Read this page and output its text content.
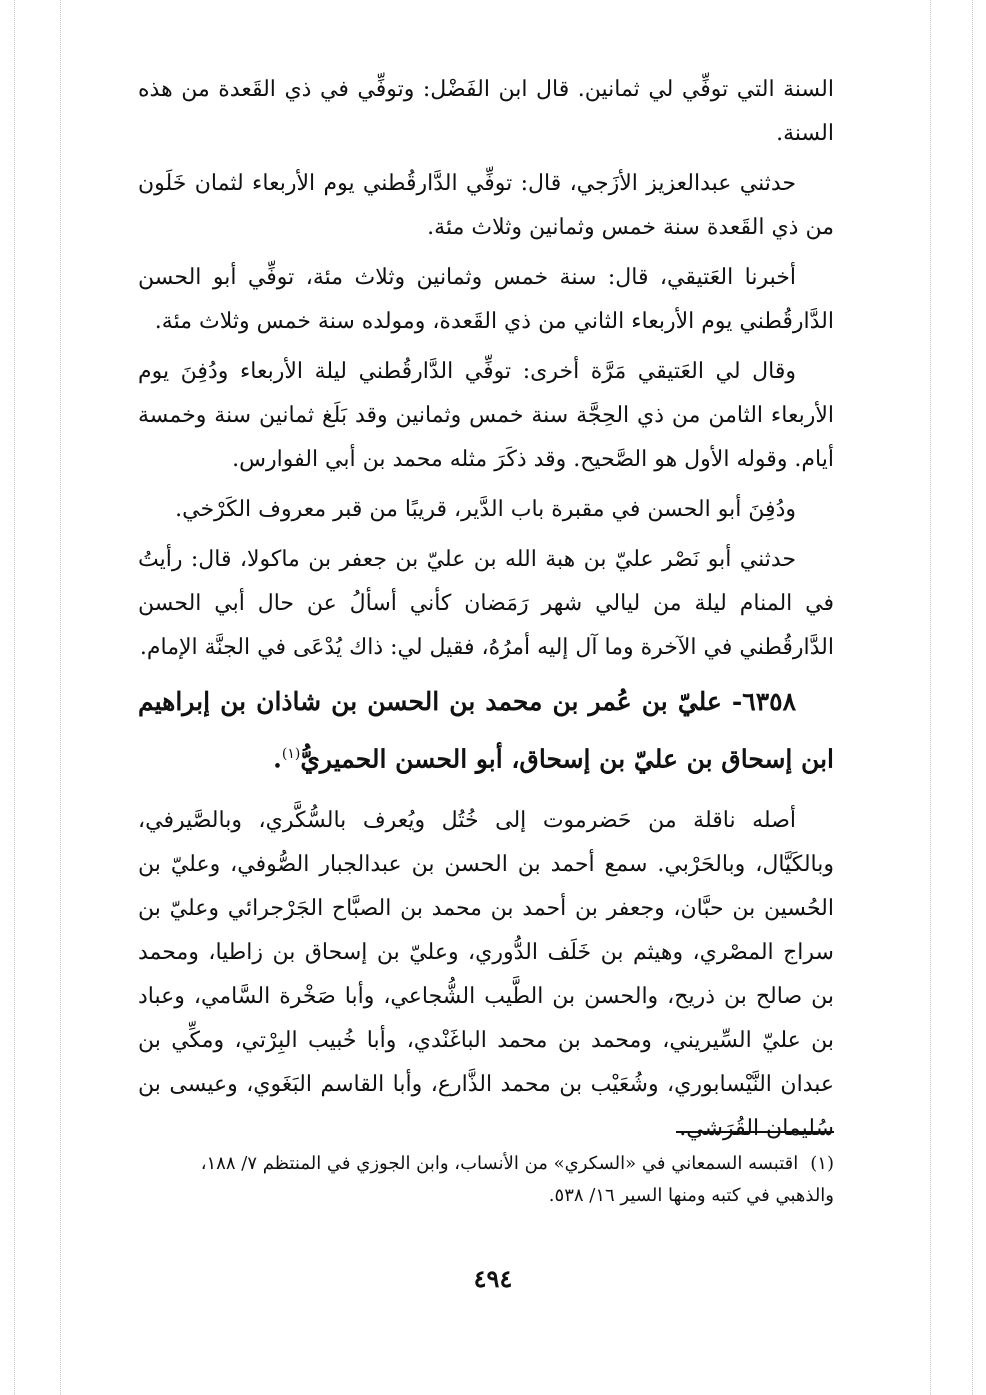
السنة التي توفِّي لي ثمانين. قال ابن الفَضْل: وتوفِّي في ذي القَعدة من هذه السنة.

حدثني عبدالعزيز الأزَجي، قال: توفِّي الدَّارقُطني يوم الأربعاء لثمان خَلَون من ذي القَعدة سنة خمس وثمانين وثلاث مئة.

أخبرنا العَتيقي، قال: سنة خمس وثمانين وثلاث مئة، توفِّي أبو الحسن الدَّارقُطني يوم الأربعاء الثاني من ذي القَعدة، ومولده سنة خمس وثلاث مئة.

وقال لي العَتيقي مَرَّة أخرى: توفِّي الدَّارقُطني ليلة الأربعاء ودُفِنَ يوم الأربعاء الثامن من ذي الحِجَّة سنة خمس وثمانين وقد بَلَغ ثمانين سنة وخمسة أيام. وقوله الأول هو الصَّحيح. وقد ذكَرَ مثله محمد بن أبي الفوارس.

ودُفِنَ أبو الحسن في مقبرة باب الدَّير، قريبًا من قبر معروف الكَرْخي.

حدثني أبو نَصْر عليّ بن هبة الله بن عليّ بن جعفر بن ماكولا، قال: رأيتُ في المنام ليلة من ليالي شهر رَمَضان كأني أسألُ عن حال أبي الحسن الدَّارقُطني في الآخرة وما آل إليه أمرُهُ، فقيل لي: ذاك يُدْعَى في الجنَّة الإمام.

٦٣٥٨- عليّ بن عُمر بن محمد بن الحسن بن شاذان بن إبراهيم ابن إسحاق بن عليّ بن إسحاق، أبو الحسن الحميريُّ$^{(١)}$.

أصله ناقلة من حَضرموت إلى خُتُل ويُعرف بالسُّكَّري، وبالصَّيرفي، وبالكَيَّال، وبالحَرْبي. سمع أحمد بن الحسن بن عبدالجبار الصُّوفي، وعليّ بن الحُسين بن حبَّان، وجعفر بن أحمد بن محمد بن الصبَّاح الجَرْجرائي وعليّ بن سراج المصْري، وهيثم بن خَلَف الدُّوري، وعليّ بن إسحاق بن زاطيا، ومحمد بن صالح بن ذريح، والحسن بن الطَّيب الشُّجاعي، وأبا صَخْرة السَّامي، وعباد بن عليّ السِّيريني، ومحمد بن محمد الباغَنْدي، وأبا خُبيب البِرْتي، ومكِّي بن عبدان النَّيْسابوري، وشُعَيْب بن محمد الذَّارع، وأبا القاسم البَغَوي، وعيسى بن سُليمان القُرَشي.

(١)اقتبسه السمعاني في «السكري» من الأنساب، وابن الجوزي في المنتظم ٧/ ١٨٨، والذهبي في كتبه ومنها السير ١٦/ ٥٣٨.
٤٩٤
